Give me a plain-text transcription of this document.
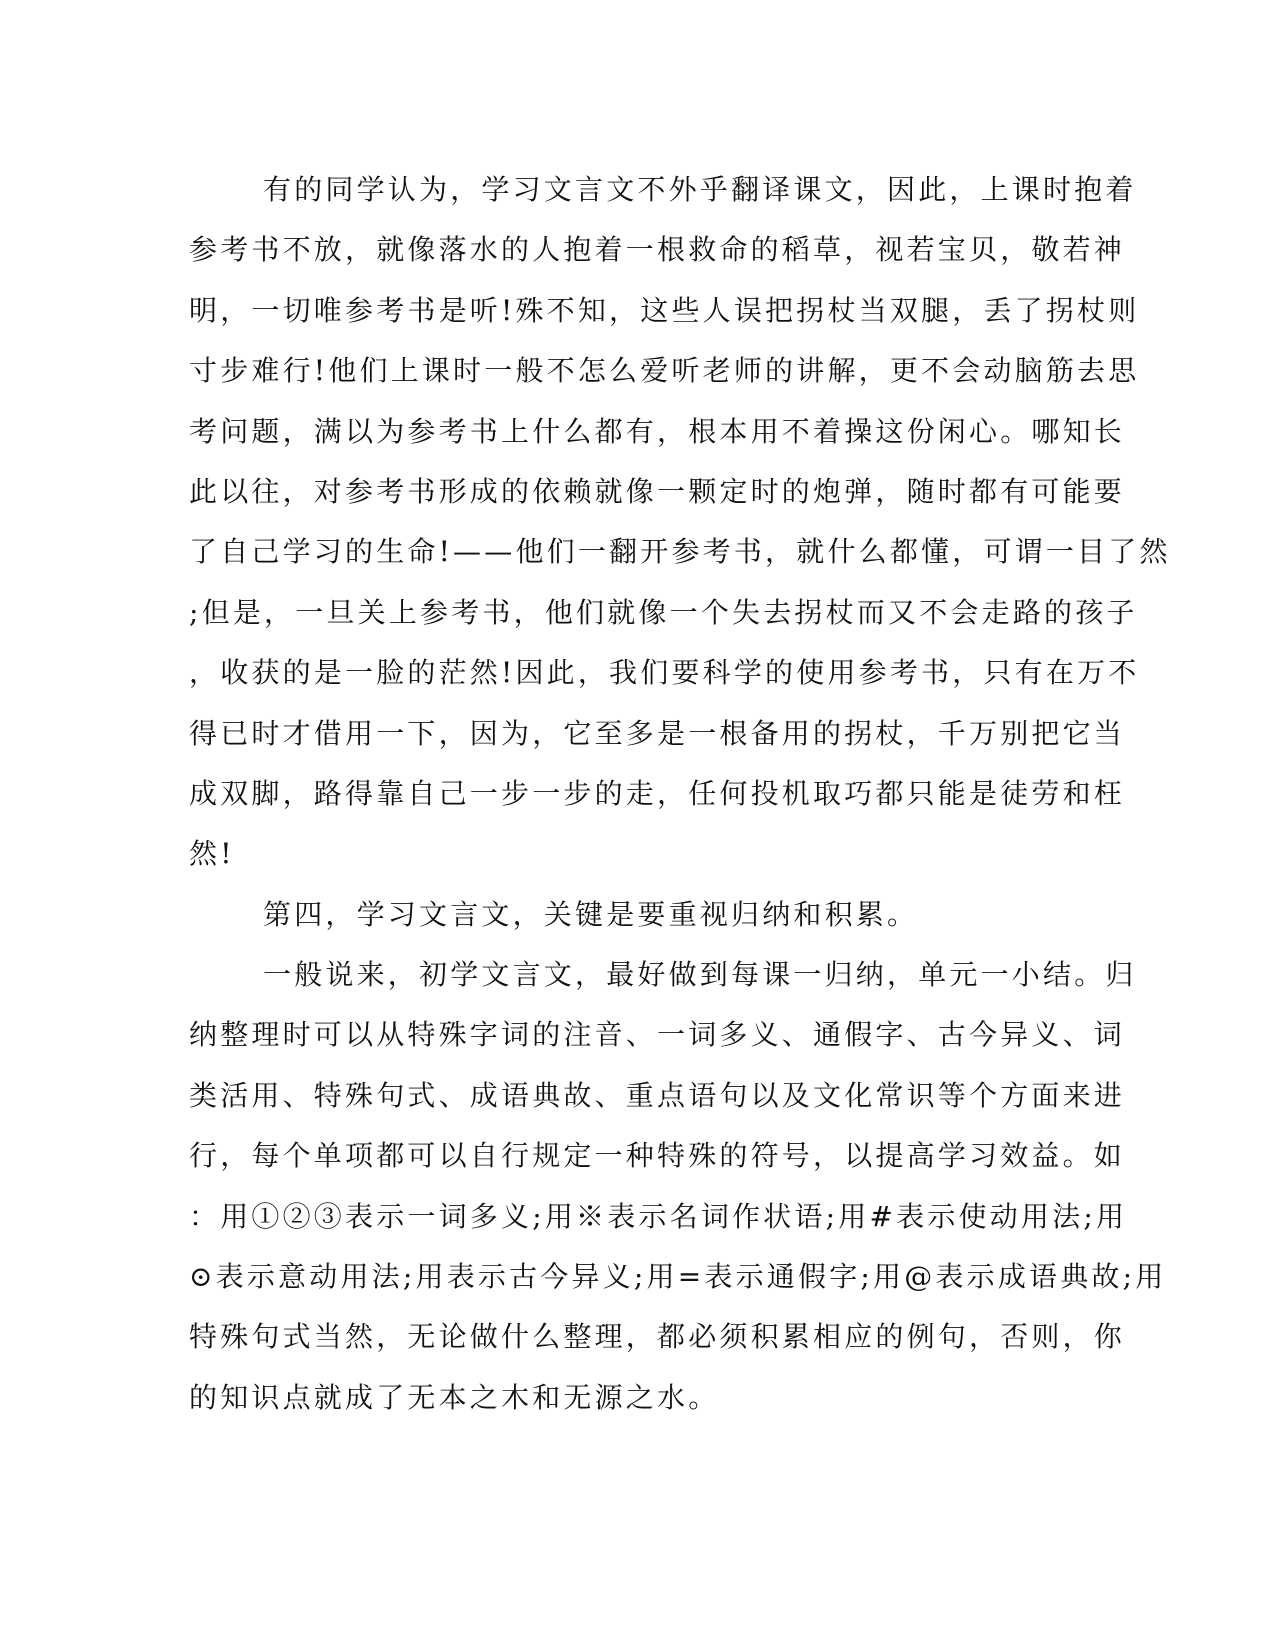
有的同学认为，学习文言文不外乎翻译课文，因此，上课时抱着

参考书不放，就像落水的人抱着一根救命的稻草，视若宝贝，敬若神

明，一切唯参考书是听!殊不知，这些人误把拐杖当双腿，丢了拐杖则

寸步难行!他们上课时一般不怎么爱听老师的讲解，更不会动脑筋去思

考问题，满以为参考书上什么都有，根本用不着操这份闲心。哪知长

此以往，对参考书形成的依赖就像一颗定时的炮弹，随时都有可能要

了自己学习的生命!——他们一翻开参考书，就什么都懂，可谓一目了然

;但是，一旦关上参考书，他们就像一个失去拐杖而又不会走路的孩子

，收获的是一脸的茫然!因此，我们要科学的使用参考书，只有在万不

得已时才借用一下，因为，它至多是一根备用的拐杖，千万别把它当

成双脚，路得靠自己一步一步的走，任何投机取巧都只能是徒劳和枉

然!

第四，学习文言文，关键是要重视归纳和积累。

一般说来，初学文言文，最好做到每课一归纳，单元一小结。归

纳整理时可以从特殊字词的注音、一词多义、通假字、古今异义、词

类活用、特殊句式、成语典故、重点语句以及文化常识等个方面来进

行，每个单项都可以自行规定一种特殊的符号，以提高学习效益。如

：用①②③表示一词多义;用※表示名词作状语;用#表示使动用法;用

⊙表示意动用法;用表示古今异义;用=表示通假字;用@表示成语典故;用

特殊句式当然，无论做什么整理，都必须积累相应的例句，否则，你

的知识点就成了无本之木和无源之水。
